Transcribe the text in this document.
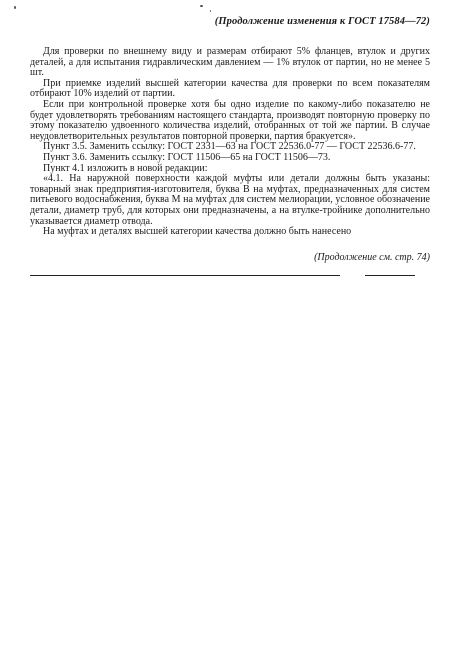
(Продолжение изменения к ГОСТ 17584—72)

Для проверки по внешнему виду и размерам отбирают 5% фланцев, втулок и других деталей, а для испытания гидравлическим давлением — 1% втулок от партии, но не менее 5 шт.

При приемке изделий высшей категории качества для проверки по всем показателям отбирают 10% изделий от партии.

Если при контрольной проверке хотя бы одно изделие по какому-либо показателю не будет удовлетворять требованиям настоящего стандарта, производят повторную проверку по этому показателю удвоенного количества изделий, отобранных от той же партии. В случае неудовлетворительных результатов повторной проверки, партия бракуется».

Пункт 3.5. Заменить ссылку: ГОСТ 2331—63 на ГОСТ 22536.0-77 — ГОСТ 22536.6-77.

Пункт 3.6. Заменить ссылку: ГОСТ 11506—65 на ГОСТ 11506—73.

Пункт 4.1 изложить в новой редакции:

«4.1. На наружной поверхности каждой муфты или детали должны быть указаны: товарный знак предприятия-изготовителя, буква В на муфтах, предназначенных для систем питьевого водоснабжения, буква М на муфтах для систем мелиорации, условное обозначение детали, диаметр труб, для которых они предназначены, а на втулке-тройнике дополнительно указывается диаметр отвода.

На муфтах и деталях высшей категории качества должно быть нанесено

(Продолжение см. стр. 74)
